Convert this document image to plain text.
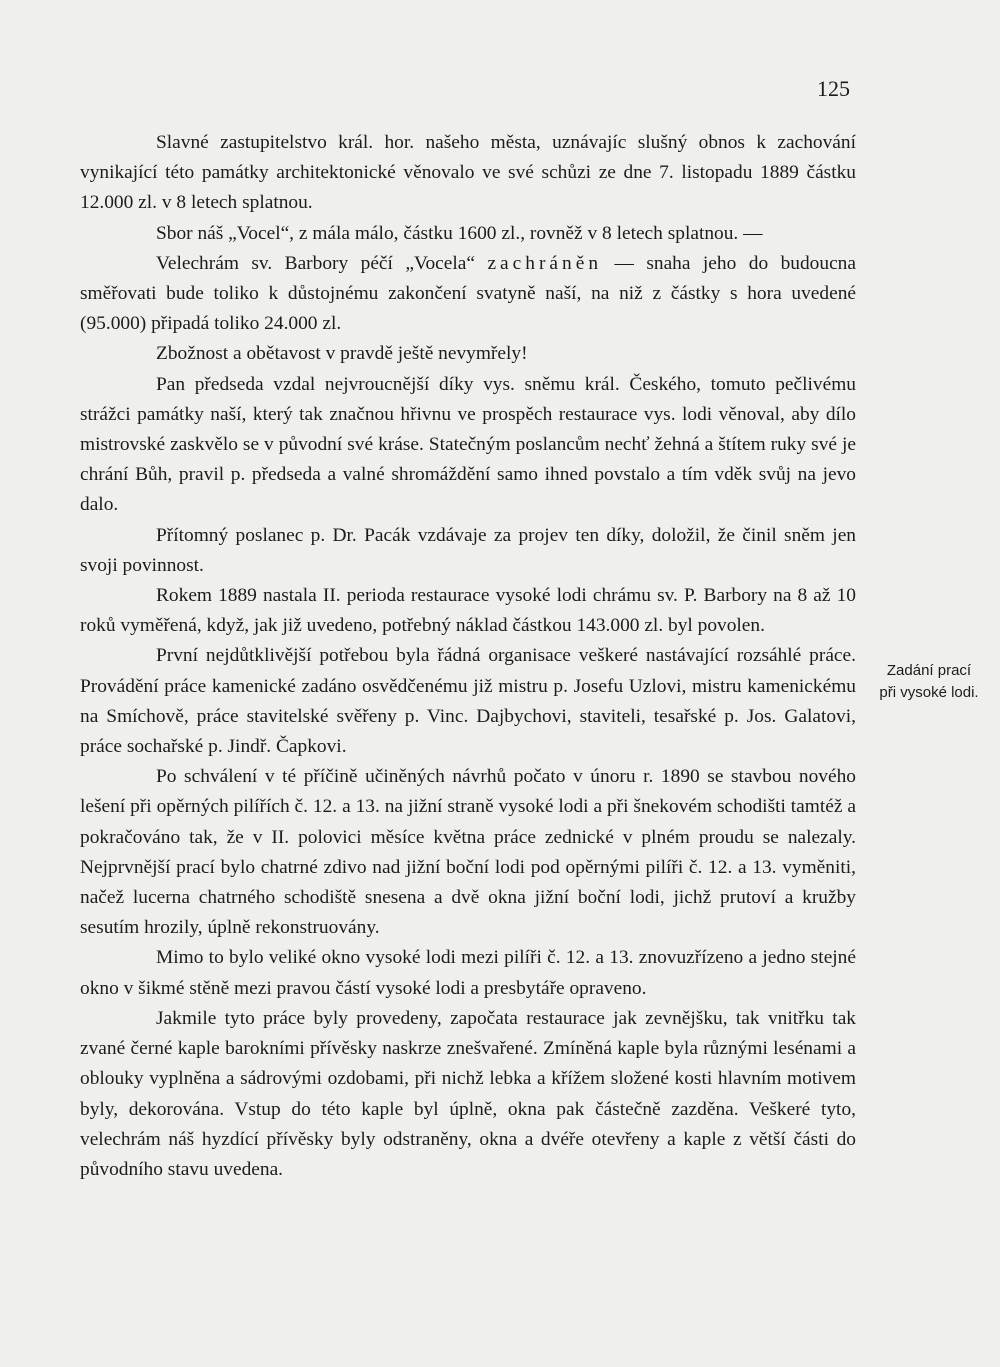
125

Slavné zastupitelstvo král. hor. našeho města, uznávajíc slušný obnos k zachování vynikající této památky architektonické věnovalo ve své schůzi ze dne 7. listopadu 1889 částku 12.000 zl. v 8 letech splatnou.

Sbor náš „Vocel“, z mála málo, částku 1600 zl., rovněž v 8 letech splatnou. —

Velechrám sv. Barbory péčí „Vocela“ zachráněn — snaha jeho do budoucna směřovati bude toliko k důstojnému zakončení svatyně naší, na niž z částky s hora uvedené (95.000) připadá toliko 24.000 zl.

Zbožnost a obětavost v pravdě ještě nevymřely!

Pan předseda vzdal nejvroucnější díky vys. sněmu král. Českého, tomuto pečlivému strážci památky naší, který tak značnou hřivnu ve prospěch restaurace vys. lodi věnoval, aby dílo mistrovské zaskvělo se v původní své kráse. Statečným poslancům nechť žehná a štítem ruky své je chrání Bůh, pravil p. předseda a valné shromáždění samo ihned povstalo a tím vděk svůj na jevo dalo.

Přítomný poslanec p. Dr. Pacák vzdávaje za projev ten díky, doložil, že činil sněm jen svoji povinnost.

Rokem 1889 nastala II. perioda restaurace vysoké lodi chrámu sv. P. Barbory na 8 až 10 roků vyměřená, když, jak již uvedeno, potřebný náklad částkou 143.000 zl. byl povolen.

První nejdůtklivější potřebou byla řádná organisace veškeré nastávající rozsáhlé práce. Provádění práce kamenické zadáno osvědčenému již mistru p. Josefu Uzlovi, mistru kamenickému na Smíchově, práce stavitelské svěřeny p. Vinc. Dajbychovi, staviteli, tesařské p. Jos. Galatovi, práce sochařské p. Jindř. Čapkovi.

Po schválení v té příčině učiněných návrhů počato v únoru r. 1890 se stavbou nového lešení při opěrných pilířích č. 12. a 13. na jižní straně vysoké lodi a při šnekovém schodišti tamtéž a pokračováno tak, že v II. polovici měsíce května práce zednické v plném proudu se nalezaly. Nejprvnější prací bylo chatrné zdivo nad jižní boční lodi pod opěrnými pilíři č. 12. a 13. vyměniti, načež lucerna chatrného schodiště snesena a dvě okna jižní boční lodi, jichž prutoví a kružby sesutím hrozily, úplně rekonstruovány.

Mimo to bylo veliké okno vysoké lodi mezi pilíři č. 12. a 13. znovuzřízeno a jedno stejné okno v šikmé stěně mezi pravou částí vysoké lodi a presbytáře opraveno.

Jakmile tyto práce byly provedeny, započata restaurace jak zevnějšku, tak vnitřku tak zvané černé kaple barokními přívěsky naskrze znešvařené. Zmíněná kaple byla různými lesénami a oblouky vyplněna a sádrovými ozdobami, při nichž lebka a křížem složené kosti hlavním motivem byly, dekorována. Vstup do této kaple byl úplně, okna pak částečně zazděna. Veškeré tyto, velechrám náš hyzdící přívěsky byly odstraněny, okna a dvéře otevřeny a kaple z větší části do původního stavu uvedena.

Zadání prací
při vysoké lodi.
